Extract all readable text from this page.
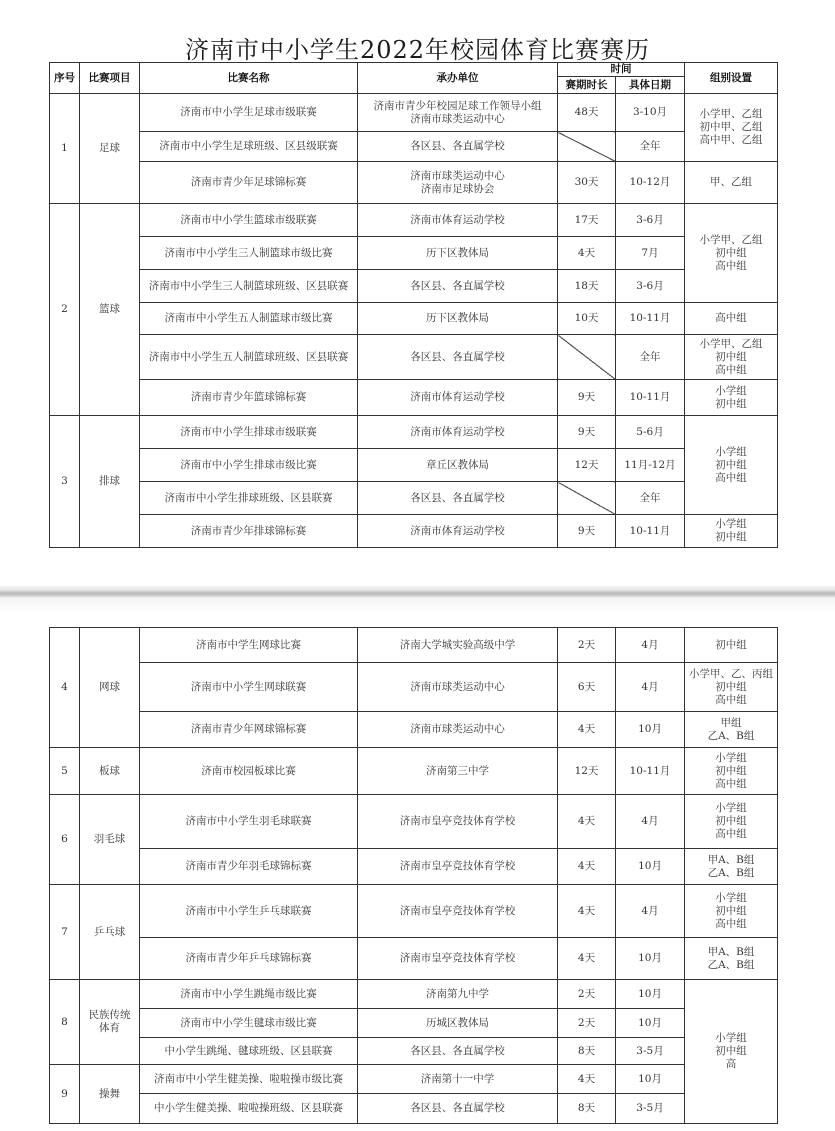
济南市中小学生2022年校园体育比赛赛历
序号	比赛项目	比赛名称	承办单位	时间		组别设置
				赛期时长	具体日期	
1	足球	济南市中小学生足球市级联赛	济南市青少年校园足球工作领导小组
济南市球类运动中心	48天	3-10月	小学甲、乙组
初中甲、乙组
高中甲、乙组
		济南市中小学生足球班级、区县级联赛	各区县、各直属学校		全年	
		济南市青少年足球锦标赛	济南市球类运动中心
济南市足球协会	30天	10-12月	甲、乙组
2	篮球	济南市中小学生篮球市级联赛	济南市体育运动学校	17天	3-6月	小学甲、乙组
初中组
高中组
		济南市中小学生三人制篮球市级比赛	历下区教体局	4天	7月	
		济南市中小学生三人制篮球班级、区县联赛	各区县、各直属学校	18天	3-6月	
		济南市中小学生五人制篮球市级比赛	历下区教体局	10天	10-11月	高中组
		济南市中小学生五人制篮球班级、区县联赛	各区县、各直属学校		全年	小学甲、乙组
初中组
高中组
		济南市青少年篮球锦标赛	济南市体育运动学校	9天	10-11月	小学组
初中组
3	排球	济南市中小学生排球市级联赛	济南市体育运动学校	9天	5-6月	小学组
初中组
高中组
		济南市中小学生排球市级比赛	章丘区教体局	12天	11月-12月	
		济南市中小学生排球班级、区县联赛	各区县、各直属学校		全年	
		济南市青少年排球锦标赛	济南市体育运动学校	9天	10-11月	小学组
初中组
4	网球	济南市中学生网球比赛	济南大学城实验高级中学	2天	4月	初中组
		济南市中小学生网球联赛	济南市球类运动中心	6天	4月	小学甲、乙、丙组
初中组
高中组
		济南市青少年网球锦标赛	济南市球类运动中心	4天	10月	甲组
乙A、B组
5	板球	济南市校园板球比赛	济南第三中学	12天	10-11月	小学组
初中组
高中组
6	羽毛球	济南市中小学生羽毛球联赛	济南市皇亭竞技体育学校	4天	4月	小学组
初中组
高中组
		济南市青少年羽毛球锦标赛	济南市皇亭竞技体育学校	4天	10月	甲A、B组
乙A、B组
7	乒乓球	济南市中小学生乒乓球联赛	济南市皇亭竞技体育学校	4天	4月	小学组
初中组
高中组
		济南市青少年乒乓球锦标赛	济南市皇亭竞技体育学校	4天	10月	甲A、B组
乙A、B组
8	民族传统
体育	济南市中小学生跳绳市级比赛	济南第九中学	2天	10月	小学组
初中组
高
		济南市中小学生毽球市级比赛	历城区教体局	2天	10月	
		中小学生跳绳、毽球班级、区县联赛	各区县、各直属学校	8天	3-5月	
9	操舞	济南市中小学生健美操、啦啦操市级比赛	济南第十一中学	4天	10月	
		中小学生健美操、啦啦操班级、区县联赛	各区县、各直属学校	8天	3-5月	
